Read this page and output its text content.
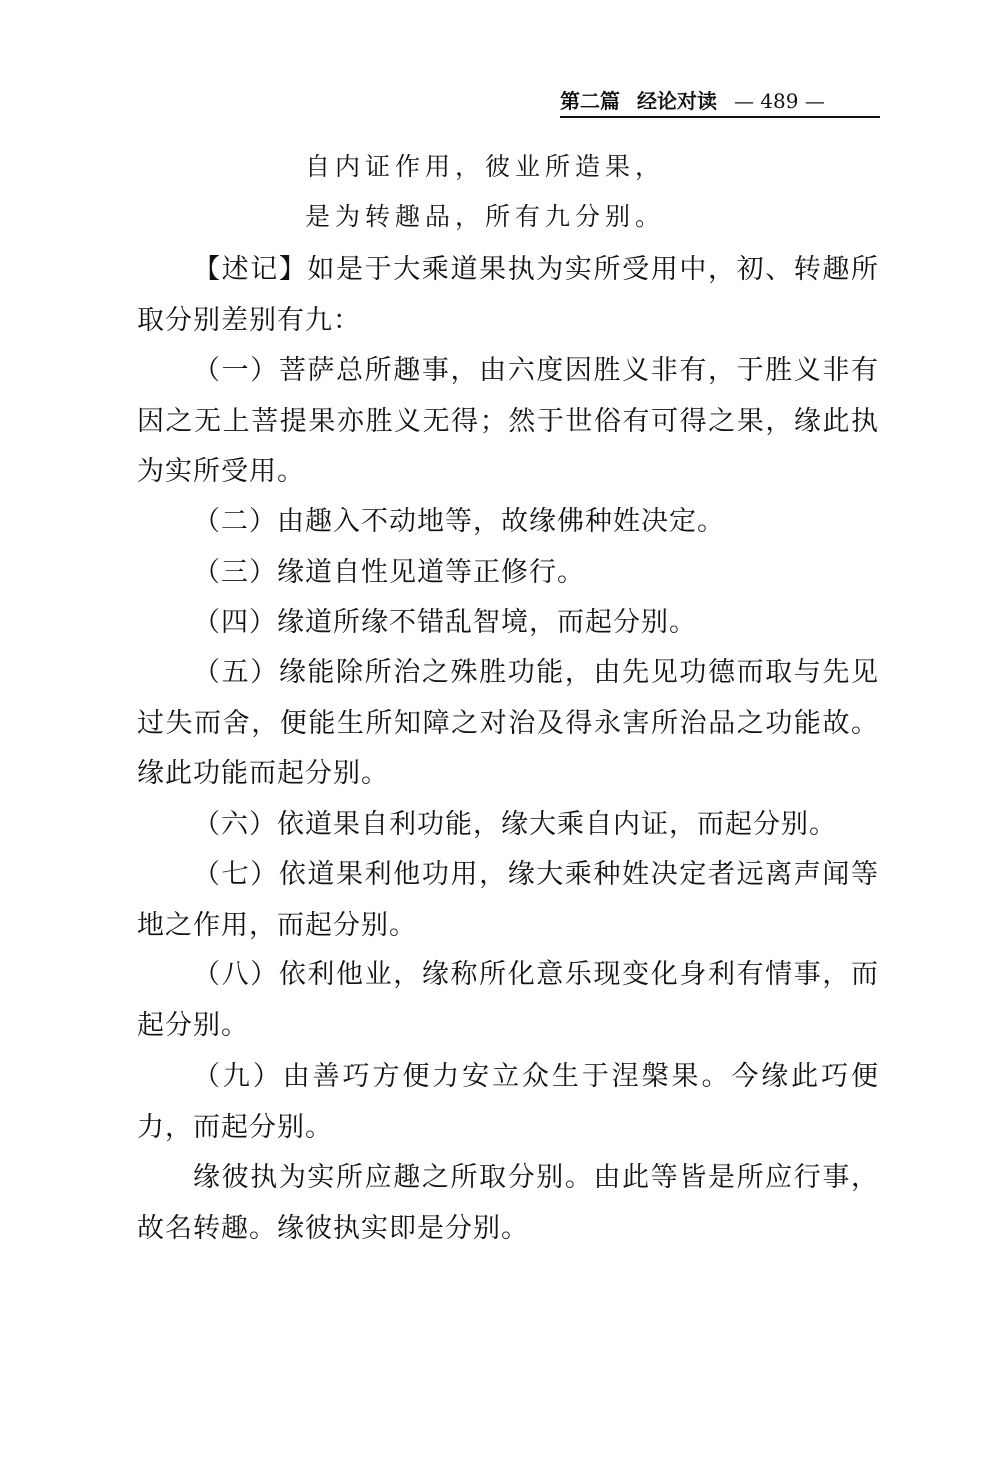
第二篇 经论对读 — 489 —
自内证作用，彼业所造果，
是为转趣品，所有九分别。
【述记】如是于大乘道果执为实所受用中，初、转趣所取分别差别有九：
（一）菩萨总所趣事，由六度因胜义非有，于胜义非有因之无上菩提果亦胜义无得；然于世俗有可得之果，缘此执为实所受用。
（二）由趣入不动地等，故缘佛种姓决定。
（三）缘道自性见道等正修行。
（四）缘道所缘不错乱智境，而起分别。
（五）缘能除所治之殊胜功能，由先见功德而取与先见过失而舍，便能生所知障之对治及得永害所治品之功能故。缘此功能而起分别。
（六）依道果自利功能，缘大乘自内证，而起分别。
（七）依道果利他功用，缘大乘种姓决定者远离声闻等地之作用，而起分别。
（八）依利他业，缘称所化意乐现变化身利有情事，而起分别。
（九）由善巧方便力安立众生于涅槃果。今缘此巧便力，而起分别。
缘彼执为实所应趣之所取分别。由此等皆是所应行事，故名转趣。缘彼执实即是分别。
